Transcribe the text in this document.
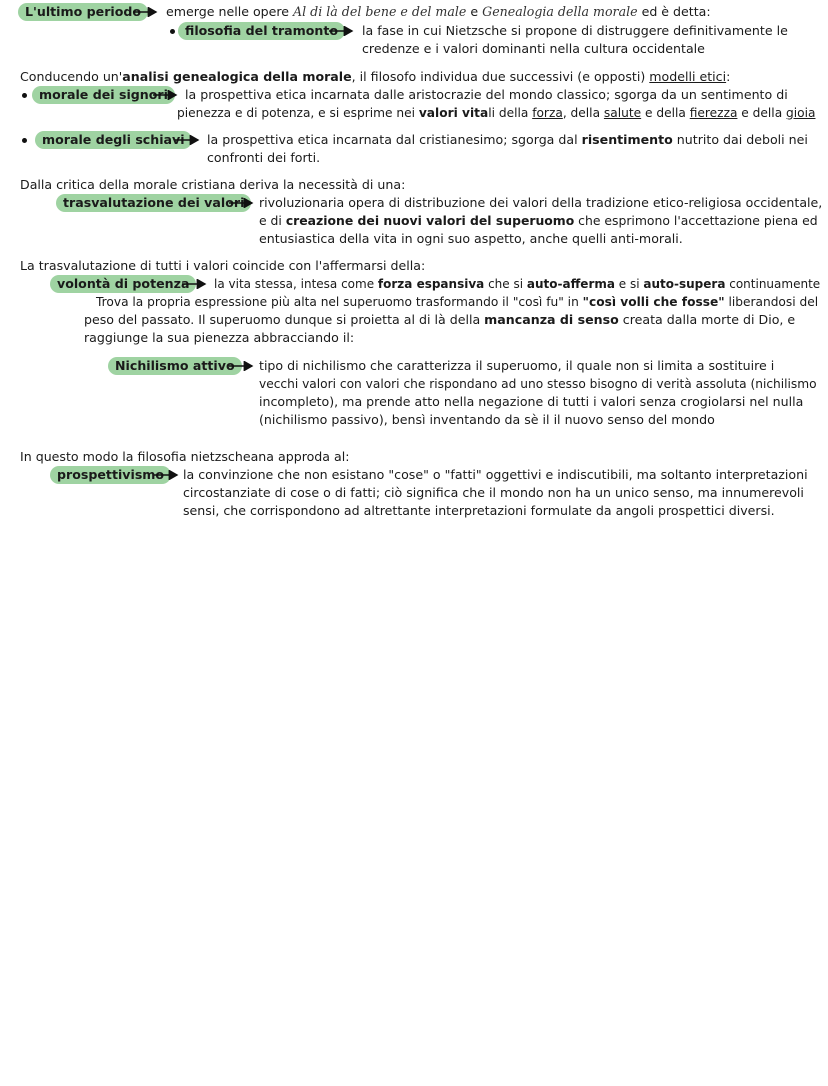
L'ultimo periodo	emerge nelle opere Al di là del bene e del male e Genealogia della morale ed è detta:
filosofia del tramonto	la fase in cui Nietzsche si propone di distruggere definitivamente le
credenze e i valori dominanti nella cultura occidentale
Conducendo un'analisi genealogica della morale, il filosofo individua due successivi (e opposti) modelli etici:
morale dei signori	la prospettiva etica incarnata dalle aristocrazie del mondo classico; sgorga da un sentimento di
pienezza e di potenza, e si esprime nei valori vitali della forza, della salute e della fierezza e della gioia
morale degli schiavi	la prospettiva etica incarnata dal cristianesimo; sgorga dal risentimento nutrito dai deboli nei
confronti dei forti.
Dalla critica della morale cristiana deriva la necessità di una:
trasvalutazione dei valori	rivoluzionaria opera di distribuzione dei valori della tradizione etico-religiosa occidentale,
e di creazione dei nuovi valori del superuomo che esprimono l'accettazione piena ed
entusiastica della vita in ogni suo aspetto, anche quelli anti-morali.
La trasvalutazione di tutti i valori coincide con l'affermarsi della:
volontà di potenza	la vita stessa, intesa come forza espansiva che si auto-afferma e si auto-supera continuamente
Trova la propria espressione più alta nel superuomo trasformando il "così fu" in "così volli che fosse" liberandosi del
peso del passato. Il superuomo dunque si proietta al di là della mancanza di senso creata dalla morte di Dio, e
raggiunge la sua pienezza abbracciando il:
Nichilismo attivo	tipo di nichilismo che caratterizza il superuomo, il quale non si limita a sostituire i
vecchi valori con valori che rispondano ad uno stesso bisogno di verità assoluta (nichilismo
incompleto), ma prende atto nella negazione di tutti i valori senza crogiolarsi nel nulla
(nichilismo passivo), bensì inventando da sè il il nuovo senso del mondo
In questo modo la filosofia nietzscheana approda al:
prospettivismo	la convinzione che non esistano "cose" o "fatti" oggettivi e indiscutibili, ma soltanto interpretazioni
circostanziate di cose o di fatti; ciò significa che il mondo non ha un unico senso, ma innumerevoli
sensi, che corrispondono ad altrettante interpretazioni formulate da angoli prospettici diversi.
